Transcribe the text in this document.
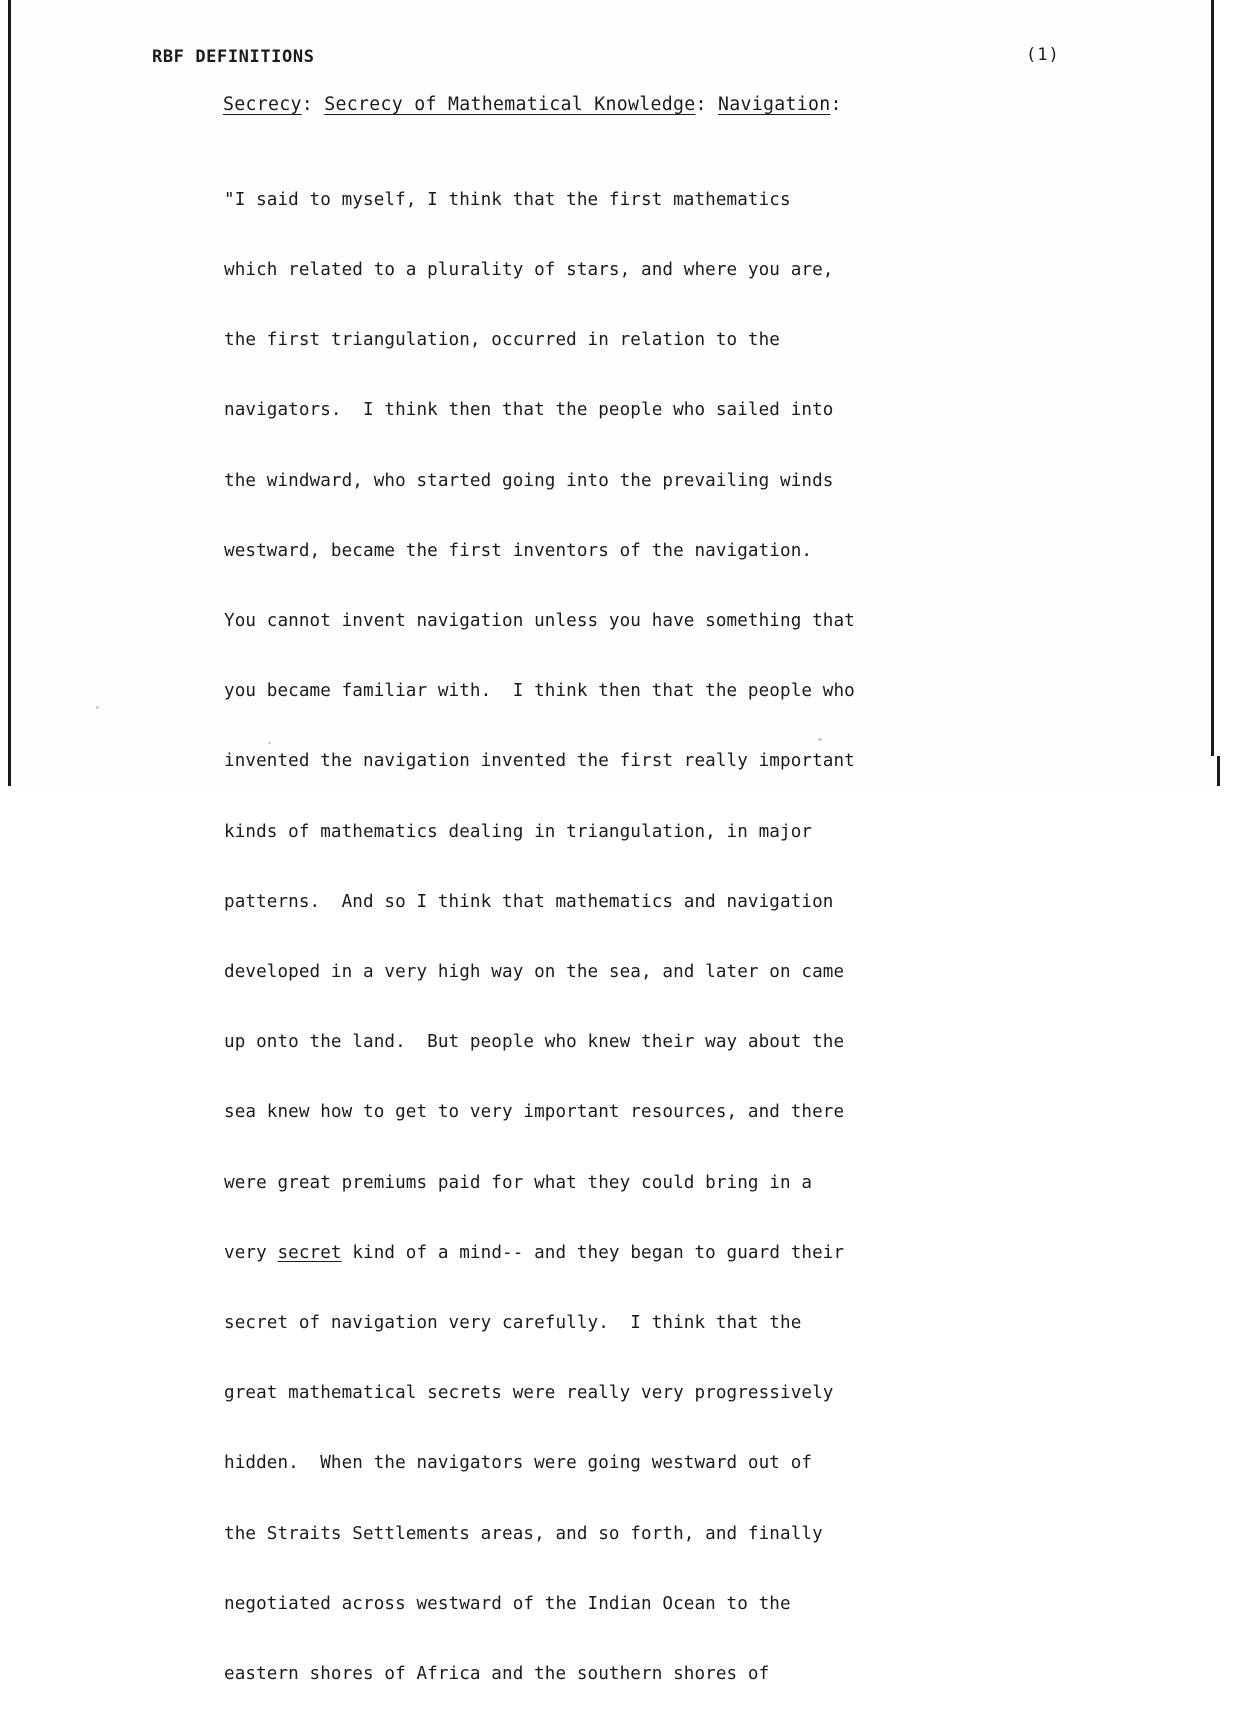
RBF DEFINITIONS	(1)
Secrecy: Secrecy of Mathematical Knowledge: Navigation:

"I said to myself, I think that the first mathematics

which related to a plurality of stars, and where you are,

the first triangulation, occurred in relation to the

navigators.  I think then that the people who sailed into

the windward, who started going into the prevailing winds

westward, became the first inventors of the navigation.

You cannot invent navigation unless you have something that

you became familiar with.  I think then that the people who

invented the navigation invented the first really important

kinds of mathematics dealing in triangulation, in major

patterns.  And so I think that mathematics and navigation

developed in a very high way on the sea, and later on came

up onto the land.  But people who knew their way about the

sea knew how to get to very important resources, and there

were great premiums paid for what they could bring in a

very secret kind of a mind-- and they began to guard their

secret of navigation very carefully.  I think that the

great mathematical secrets were really very progressively

hidden.  When the navigators were going westward out of

the Straits Settlements areas, and so forth, and finally

negotiated across westward of the Indian Ocean to the

eastern shores of Africa and the southern shores of
